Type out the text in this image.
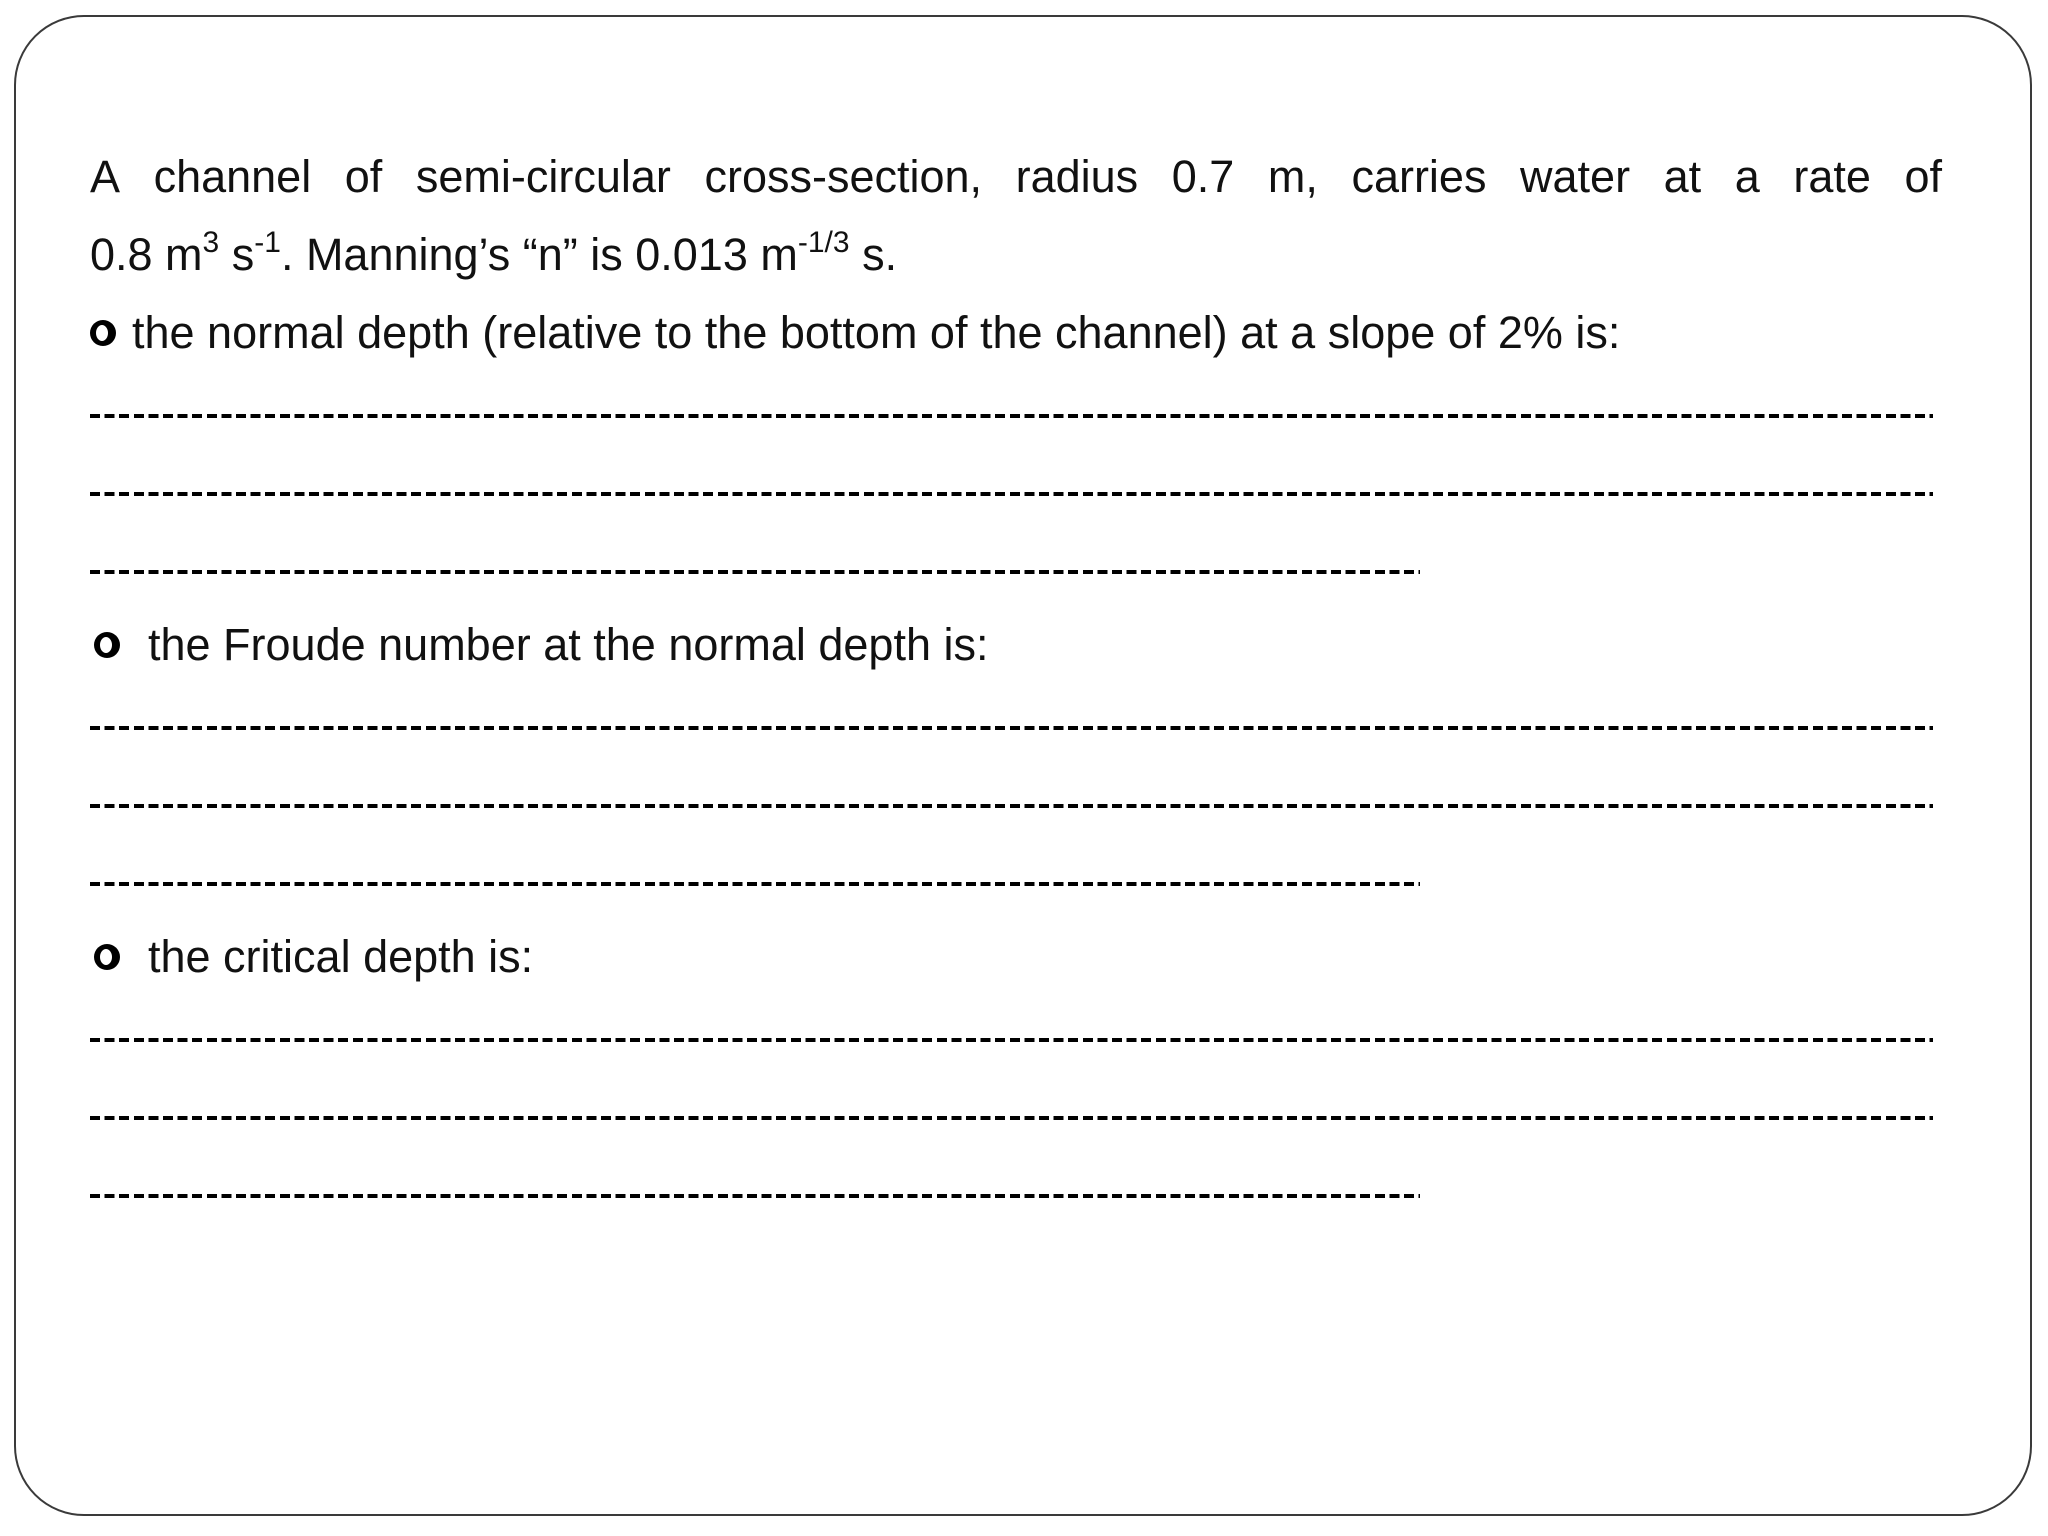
A channel of semi-circular cross-section, radius 0.7 m, carries water at a rate of
0.8 $m^3$ $s^{-1}$. Manning’s “n” is 0.013 $m^{-1/3}$ s.
the normal depth (relative to the bottom of the channel) at a slope of 2% is:
the Froude number at the normal depth is:
the critical depth is:
